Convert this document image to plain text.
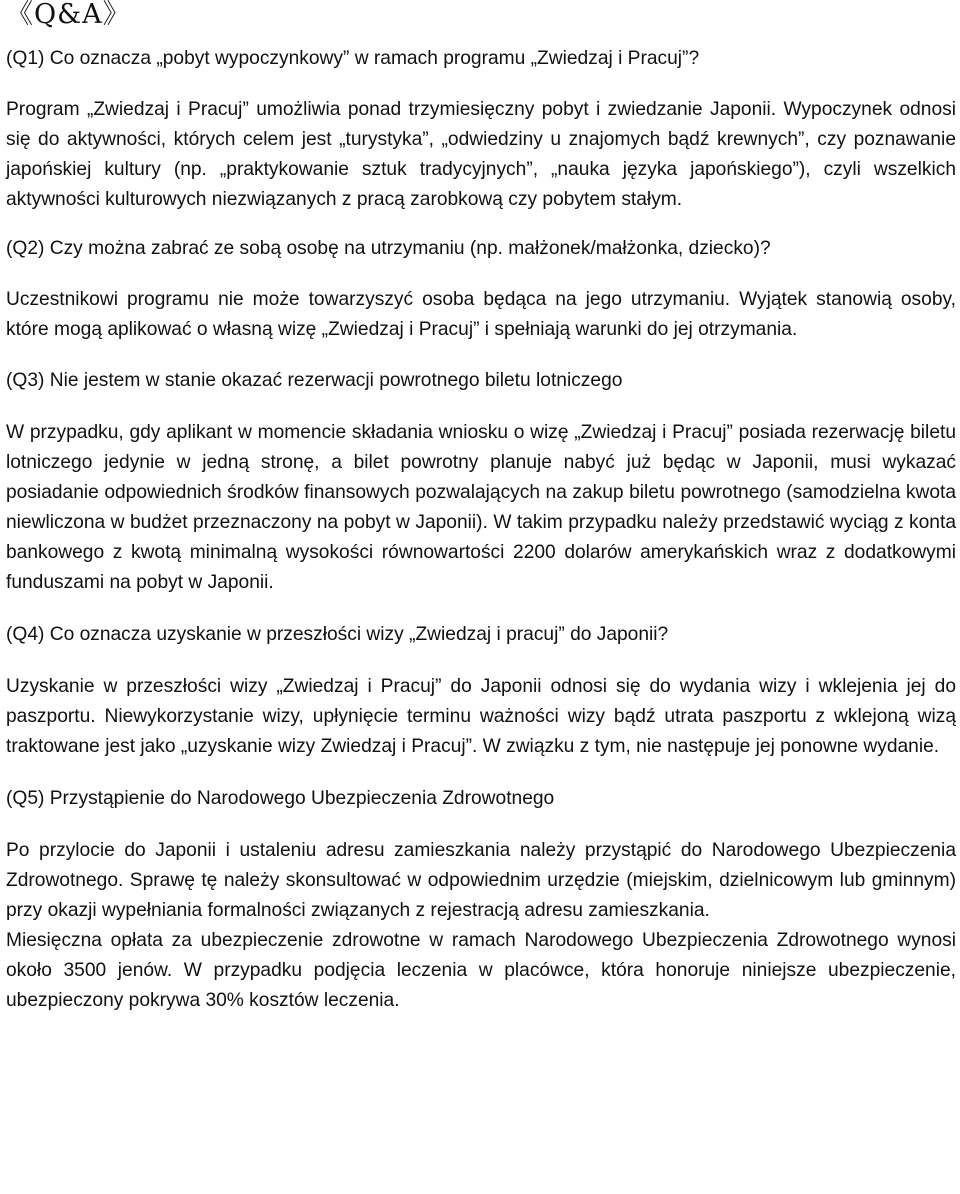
《Q&A》

(Q1) Co oznacza „pobyt wypoczynkowy” w ramach programu „Zwiedzaj i Pracuj”?

Program „Zwiedzaj i Pracuj” umożliwia ponad trzymiesięczny pobyt i zwiedzanie Japonii. Wypoczynek odnosi się do aktywności, których celem jest „turystyka”, „odwiedziny u znajomych bądź krewnych”, czy poznawanie japońskiej kultury (np. „praktykowanie sztuk tradycyjnych”, „nauka języka japońskiego”), czyli wszelkich aktywności kulturowych niezwiązanych z pracą zarobkową czy pobytem stałym.

(Q2) Czy można zabrać ze sobą osobę na utrzymaniu (np. małżonek/małżonka, dziecko)?

Uczestnikowi programu nie może towarzyszyć osoba będąca na jego utrzymaniu. Wyjątek stanowią osoby, które mogą aplikować o własną wizę „Zwiedzaj i Pracuj” i spełniają warunki do jej otrzymania.

(Q3) Nie jestem w stanie okazać rezerwacji powrotnego biletu lotniczego

W przypadku, gdy aplikant w momencie składania wniosku o wizę „Zwiedzaj i Pracuj” posiada rezerwację biletu lotniczego jedynie w jedną stronę, a bilet powrotny planuje nabyć już będąc w Japonii, musi wykazać posiadanie odpowiednich środków finansowych pozwalających na zakup biletu powrotnego (samodzielna kwota niewliczona w budżet przeznaczony na pobyt w Japonii). W takim przypadku należy przedstawić wyciąg z konta bankowego z kwotą minimalną wysokości równowartości 2200 dolarów amerykańskich wraz z dodatkowymi funduszami na pobyt w Japonii.

(Q4) Co oznacza uzyskanie w przeszłości wizy „Zwiedzaj i pracuj” do Japonii?

Uzyskanie w przeszłości wizy „Zwiedzaj i Pracuj” do Japonii odnosi się do wydania wizy i wklejenia jej do paszportu. Niewykorzystanie wizy, upłynięcie terminu ważności wizy bądź utrata paszportu z wklejoną wizą traktowane jest jako „uzyskanie wizy Zwiedzaj i Pracuj”. W związku z tym, nie następuje jej ponowne wydanie.

(Q5) Przystąpienie do Narodowego Ubezpieczenia Zdrowotnego

Po przylocie do Japonii i ustaleniu adresu zamieszkania należy przystąpić do Narodowego Ubezpieczenia Zdrowotnego. Sprawę tę należy skonsultować w odpowiednim urzędzie (miejskim, dzielnicowym lub gminnym) przy okazji wypełniania formalności związanych z rejestracją adresu zamieszkania.

Miesięczna opłata za ubezpieczenie zdrowotne w ramach Narodowego Ubezpieczenia Zdrowotnego wynosi około 3500 jenów. W przypadku podjęcia leczenia w placówce, która honoruje niniejsze ubezpieczenie, ubezpieczony pokrywa 30% kosztów leczenia.
